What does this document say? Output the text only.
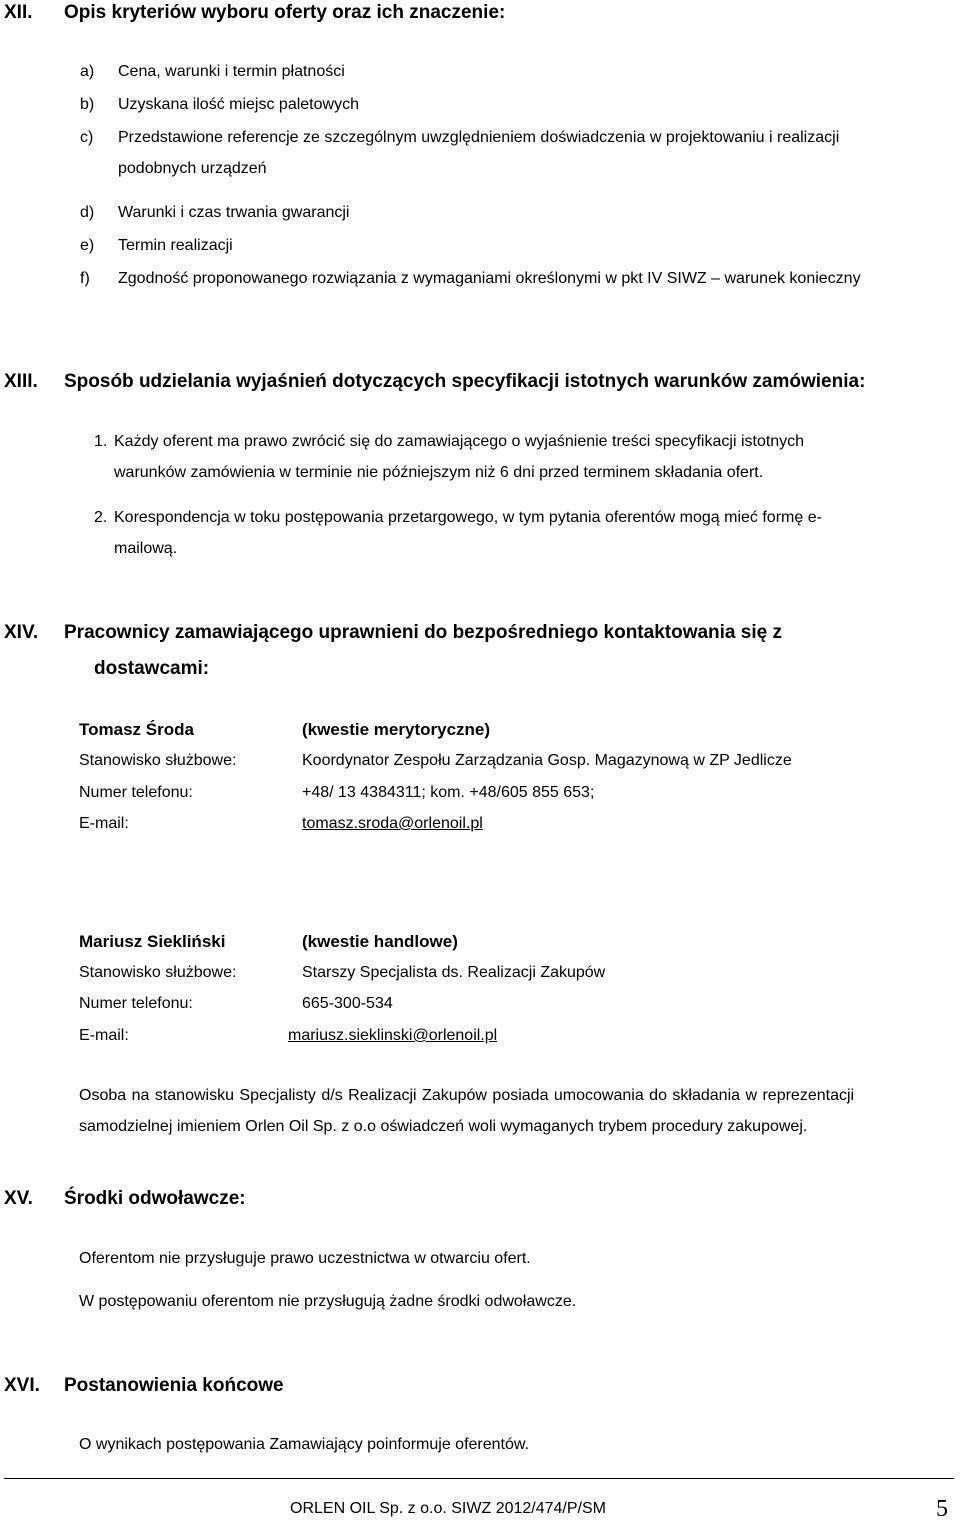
XII. Opis kryteriów wyboru oferty oraz ich znaczenie:
a) Cena, warunki i termin płatności
b) Uzyskana ilość miejsc paletowych
c) Przedstawione referencje ze szczególnym uwzględnieniem doświadczenia w projektowaniu i realizacji
podobnych urządzeń
d) Warunki i czas trwania gwarancji
e) Termin realizacji
f) Zgodność proponowanego rozwiązania z wymaganiami określonymi w pkt IV SIWZ – warunek konieczny
XIII. Sposób udzielania wyjaśnień dotyczących specyfikacji istotnych warunków zamówienia:
1. Każdy oferent ma prawo zwrócić się do zamawiającego o wyjaśnienie treści specyfikacji istotnych
warunków zamówienia w terminie nie późniejszym niż 6 dni przed terminem składania ofert.
2. Korespondencja w toku postępowania przetargowego, w tym pytania oferentów mogą mieć formę e-
mailową.
XIV. Pracownicy zamawiającego uprawnieni do bezpośredniego kontaktowania się z
dostawcami:
Tomasz Środa	(kwestie merytoryczne)
Stanowisko służbowe:	Koordynator Zespołu Zarządzania Gosp. Magazynową w ZP Jedlicze
Numer telefonu:	+48/ 13 4384311; kom. +48/605 855 653;
E-mail:	tomasz.sroda@orlenoil.pl
Mariusz Siekliński	(kwestie handlowe)
Stanowisko służbowe:	Starszy Specjalista ds. Realizacji Zakupów
Numer telefonu:	665-300-534
E-mail:	mariusz.sieklinski@orlenoil.pl
Osoba na stanowisku Specjalisty d/s Realizacji Zakupów posiada umocowania do składania w reprezentacji
samodzielnej imieniem Orlen Oil Sp. z o.o oświadczeń woli wymaganych trybem procedury zakupowej.
XV. Środki odwoławcze:
Oferentom nie przysługuje prawo uczestnictwa w otwarciu ofert.
W postępowaniu oferentom nie przysługują żadne środki odwoławcze.
XVI. Postanowienia końcowe
O wynikach postępowania Zamawiający poinformuje oferentów.
ORLEN OIL Sp. z o.o. SIWZ 2012/474/P/SM	5
